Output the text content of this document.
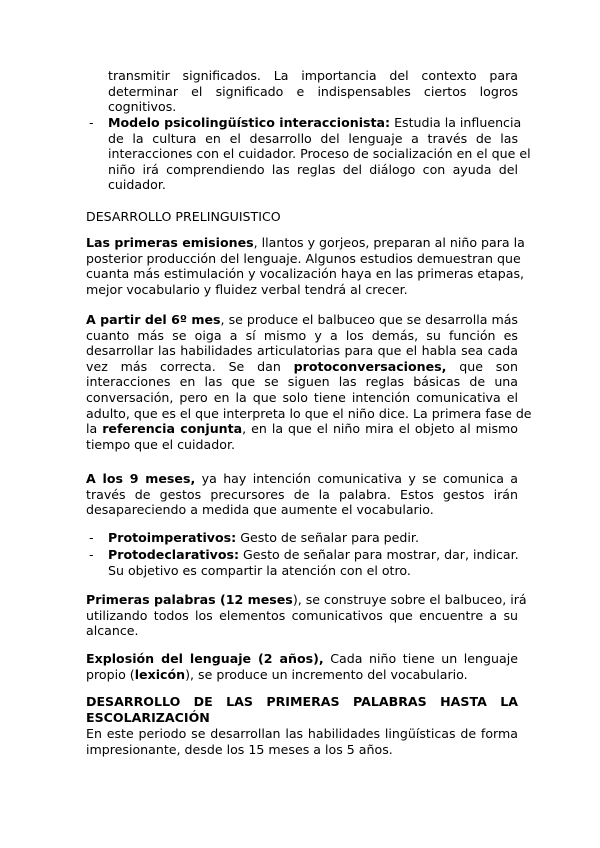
transmitir significados. La importancia del contexto para
determinar el significado e indispensables ciertos logros
cognitivos.
- Modelo psicolingüístico interaccionista: Estudia la influencia
de la cultura en el desarrollo del lenguaje a través de las
interacciones con el cuidador. Proceso de socialización en el que el
niño irá comprendiendo las reglas del diálogo con ayuda del
cuidador.
DESARROLLO PRELINGUISTICO
Las primeras emisiones, llantos y gorjeos, preparan al niño para la
posterior producción del lenguaje. Algunos estudios demuestran que
cuanta más estimulación y vocalización haya en las primeras etapas,
mejor vocabulario y fluidez verbal tendrá al crecer.
A partir del 6º mes, se produce el balbuceo que se desarrolla más
cuanto más se oiga a sí mismo y a los demás, su función es
desarrollar las habilidades articulatorias para que el habla sea cada
vez más correcta. Se dan protoconversaciones, que son
interacciones en las que se siguen las reglas básicas de una
conversación, pero en la que solo tiene intención comunicativa el
adulto, que es el que interpreta lo que el niño dice. La primera fase de
la referencia conjunta, en la que el niño mira el objeto al mismo
tiempo que el cuidador.
A los 9 meses, ya hay intención comunicativa y se comunica a
través de gestos precursores de la palabra. Estos gestos irán
desapareciendo a medida que aumente el vocabulario.
- Protoimperativos: Gesto de señalar para pedir.
- Protodeclarativos: Gesto de señalar para mostrar, dar, indicar.
Su objetivo es compartir la atención con el otro.
Primeras palabras (12 meses), se construye sobre el balbuceo, irá
utilizando todos los elementos comunicativos que encuentre a su
alcance.
Explosión del lenguaje (2 años), Cada niño tiene un lenguaje
propio (lexicón), se produce un incremento del vocabulario.
DESARROLLO DE LAS PRIMERAS PALABRAS HASTA LA
ESCOLARIZACIÓN
En este periodo se desarrollan las habilidades lingüísticas de forma
impresionante, desde los 15 meses a los 5 años.
